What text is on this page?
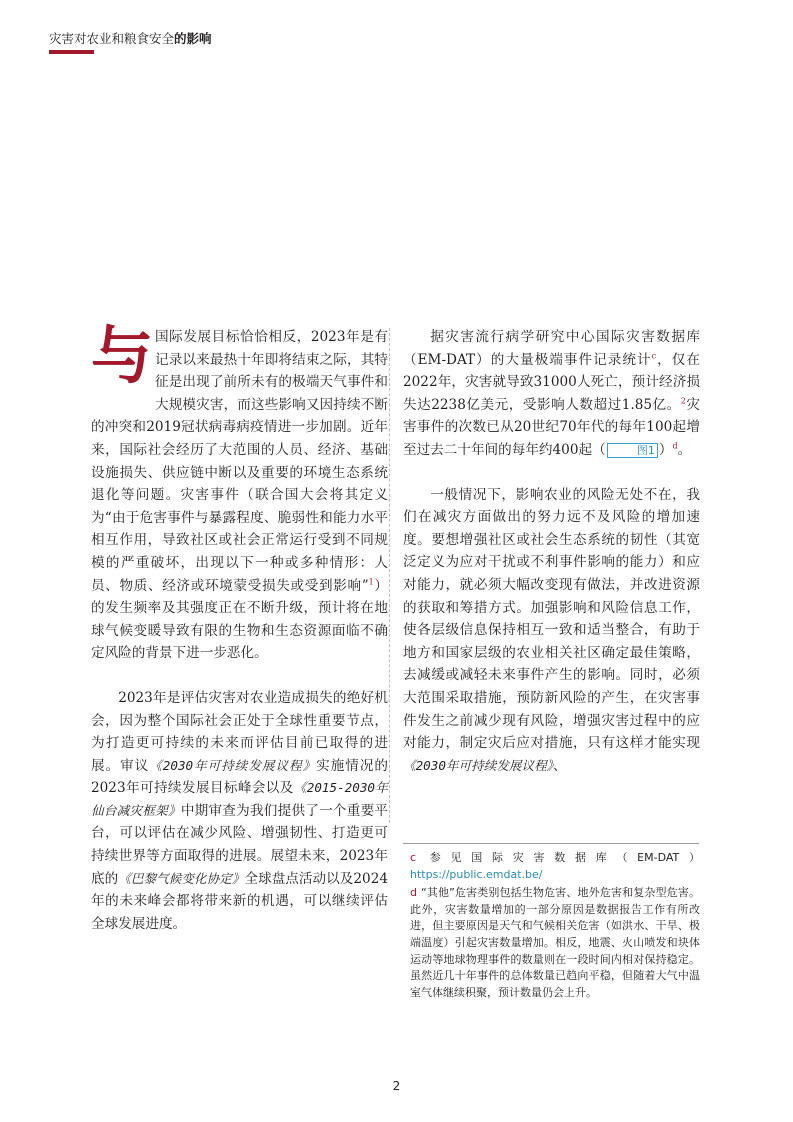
灾害对农业和粮食安全的影响

与 国际发展目标恰恰相反，2023年是有记录以来最热十年即将结束之际，其特征是出现了前所未有的极端天气事件和大规模灾害，而这些影响又因持续不断的冲突和2019冠状病毒病疫情进一步加剧。近年来，国际社会经历了大范围的人员、经济、基础设施损失、供应链中断以及重要的环境生态系统退化等问题。灾害事件（联合国大会将其定义为“由于危害事件与暴露程度、脆弱性和能力水平相互作用，导致社区或社会正常运行受到不同规模的严重破坏，出现以下一种或多种情形：人员、物质、经济或环境蒙受损失或受到影响”$^1$）的发生频率及其强度正在不断升级，预计将在地球气候变暖导致有限的生物和生态资源面临不确定风险的背景下进一步恶化。

2023年是评估灾害对农业造成损失的绝好机会，因为整个国际社会正处于全球性重要节点，为打造更可持续的未来而评估目前已取得的进展。审议《2030年可持续发展议程》实施情况的2023年可持续发展目标峰会以及《2015-2030年仙台减灾框架》中期审查为我们提供了一个重要平台，可以评估在减少风险、增强韧性、打造更可持续世界等方面取得的进展。展望未来，2023年底的《巴黎气候变化协定》全球盘点活动以及2024年的未来峰会都将带来新的机遇，可以继续评估全球发展进度。

据灾害流行病学研究中心国际灾害数据库（EM-DAT）的大量极端事件记录统计$^c$，仅在2022年，灾害就导致31000人死亡，预计经济损失达2238亿美元，受影响人数超过1.85亿。$^2$灾害事件的次数已从20世纪70年代的每年100起增至过去二十年间的每年约400起（	图1 ）$^d$。

一般情况下，影响农业的风险无处不在，我们在减灾方面做出的努力远不及风险的增加速度。要想增强社区或社会生态系统的韧性（其宽泛定义为应对干扰或不利事件影响的能力）和应对能力，就必须大幅改变现有做法，并改进资源的获取和筹措方式。加强影响和风险信息工作，使各层级信息保持相互一致和适当整合，有助于地方和国家层级的农业相关社区确定最佳策略，去减缓或减轻未来事件产生的影响。同时，必须大范围采取措施，预防新风险的产生，在灾害事件发生之前减少现有风险，增强灾害过程中的应对能力，制定灾后应对措施，只有这样才能实现《2030年可持续发展议程》、

c 参见国际灾害数据库（EM-DAT）https://public.emdat.be/

d “其他”危害类别包括生物危害、地外危害和复杂型危害。此外，灾害数量增加的一部分原因是数据报告工作有所改进，但主要原因是天气和气候相关危害（如洪水、干旱、极端温度）引起灾害数量增加。相反，地震、火山喷发和块体运动等地球物理事件的数量则在一段时间内相对保持稳定。虽然近几十年事件的总体数量已趋向平稳，但随着大气中温室气体继续积聚，预计数量仍会上升。

2
